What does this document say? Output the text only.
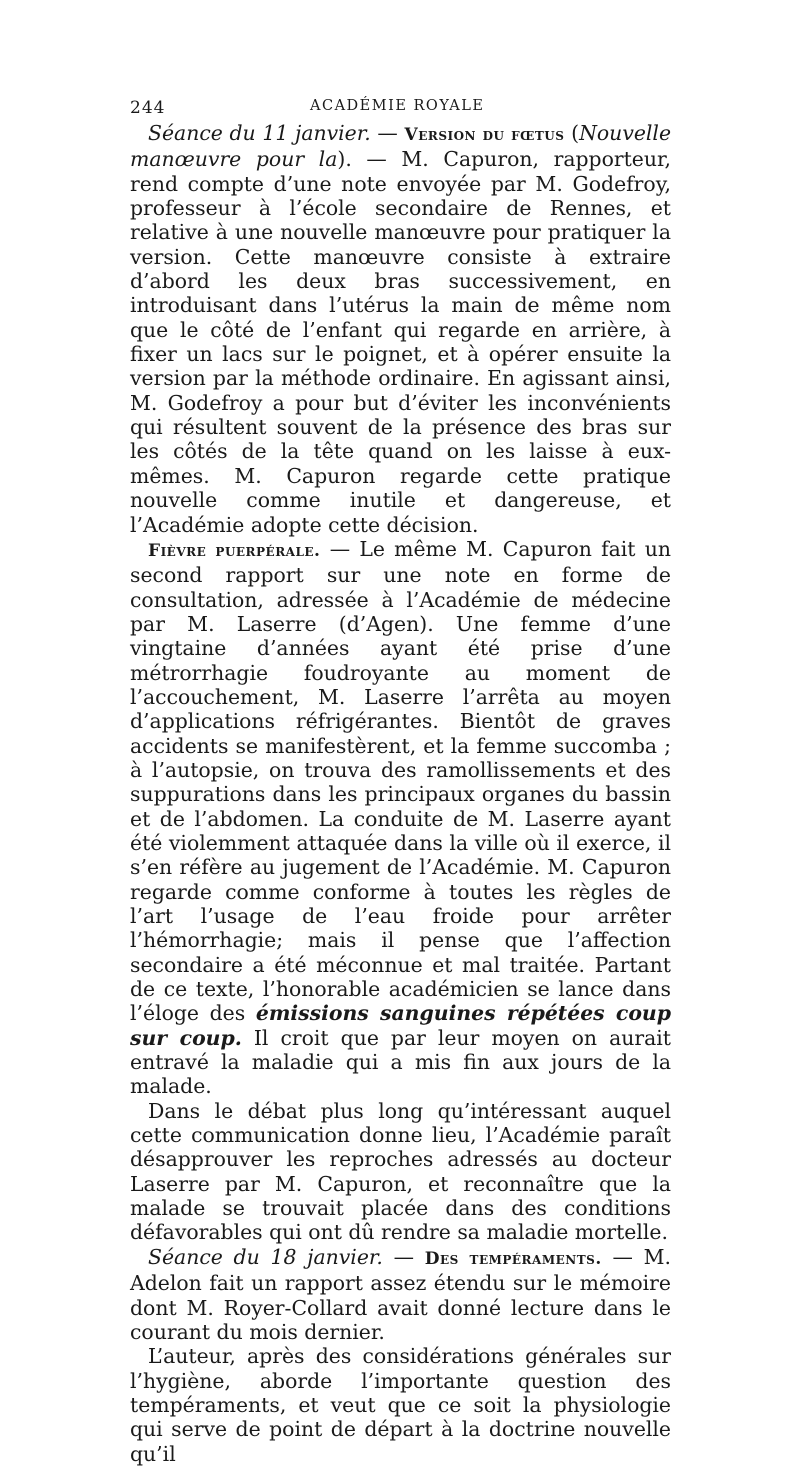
244	ACADÉMIE ROYALE

Séance du 11 janvier. — Version du fœtus (Nouvelle manœuvre pour la). — M. Capuron, rapporteur, rend compte d’une note envoyée par M. Godefroy, professeur à l’école secondaire de Rennes, et relative à une nouvelle manœuvre pour pratiquer la version. Cette manœuvre consiste à extraire d’abord les deux bras successivement, en introduisant dans l’utérus la main de même nom que le côté de l’enfant qui regarde en arrière, à fixer un lacs sur le poignet, et à opérer ensuite la version par la méthode ordinaire. En agissant ainsi, M. Godefroy a pour but d’éviter les inconvénients qui résultent souvent de la présence des bras sur les côtés de la tête quand on les laisse à eux-mêmes. M. Capuron regarde cette pratique nouvelle comme inutile et dangereuse, et l’Académie adopte cette décision.

Fièvre puerpérale. — Le même M. Capuron fait un second rapport sur une note en forme de consultation, adressée à l’Académie de médecine par M. Laserre (d’Agen). Une femme d’une vingtaine d’années ayant été prise d’une métrorrhagie foudroyante au moment de l’accouchement, M. Laserre l’arrêta au moyen d’applications réfrigérantes. Bientôt de graves accidents se manifestèrent, et la femme succomba ; à l’autopsie, on trouva des ramollissements et des suppurations dans les principaux organes du bassin et de l’abdomen. La conduite de M. Laserre ayant été violemment attaquée dans la ville où il exerce, il s’en réfère au jugement de l’Académie. M. Capuron regarde comme conforme à toutes les règles de l’art l’usage de l’eau froide pour arrêter l’hémorrhagie; mais il pense que l’affection secondaire a été méconnue et mal traitée. Partant de ce texte, l’honorable académicien se lance dans l’éloge des émissions sanguines répétées coup sur coup. Il croit que par leur moyen on aurait entravé la maladie qui a mis fin aux jours de la malade.

Dans le débat plus long qu’intéressant auquel cette communication donne lieu, l’Académie paraît désapprouver les reproches adressés au docteur Laserre par M. Capuron, et reconnaître que la malade se trouvait placée dans des conditions défavorables qui ont dû rendre sa maladie mortelle.

Séance du 18 janvier. — Des tempéraments. — M. Adelon fait un rapport assez étendu sur le mémoire dont M. Royer-Collard avait donné lecture dans le courant du mois dernier.

L’auteur, après des considérations générales sur l’hygiène, aborde l’importante question des tempéraments, et veut que ce soit la physiologie qui serve de point de départ à la doctrine nouvelle qu’il
